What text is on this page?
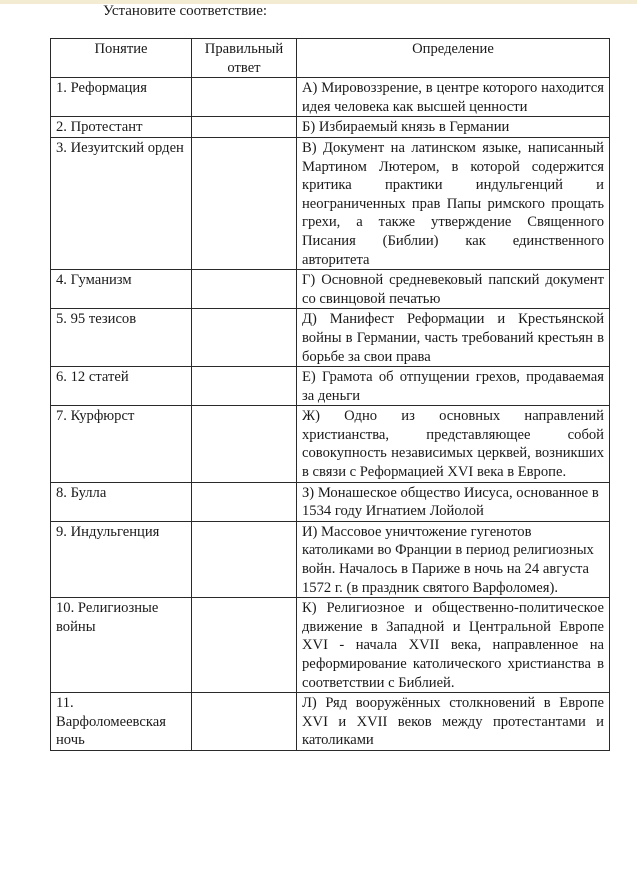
Установите соответствие:
Понятие	Правильный ответ	Определение
1. Реформация		А) Мировоззрение, в центре которого находится идея человека как высшей ценности
2. Протестант		Б) Избираемый князь в Германии
3. Иезуитский орден		В) Документ на латинском языке, написанный Мартином Лютером, в которой содержится критика практики индульгенций и неограниченных прав Папы римского прощать грехи, а также утверждение Священного Писания (Библии) как единственного авторитета
4. Гуманизм		Г) Основной средневековый папский документ со свинцовой печатью
5. 95 тезисов		Д) Манифест Реформации и Крестьянской войны в Германии, часть требований крестьян в борьбе за свои права
6. 12 статей		Е) Грамота об отпущении грехов, продаваемая за деньги
7. Курфюрст		Ж) Одно из основных направлений христианства, представляющее собой совокупность независимых церквей, возникших в связи с Реформацией XVI века в Европе.
8. Булла		З) Монашеское общество Иисуса, основанное в 1534 году Игнатием Лойолой
9. Индульгенция		И) Массовое уничтожение гугенотов католиками во Франции в период религиозных войн. Началось в Париже в ночь на 24 августа 1572 г. (в праздник святого Варфоломея).
10. Религиозные войны		К) Религиозное и общественно-политическое движение в Западной и Центральной Европе XVI - начала XVII века, направленное на реформирование католического христианства в соответствии с Библией.
11. Варфоломеевская ночь		Л) Ряд вооружённых столкновений в Европе XVI и XVII веков между протестантами и католиками
